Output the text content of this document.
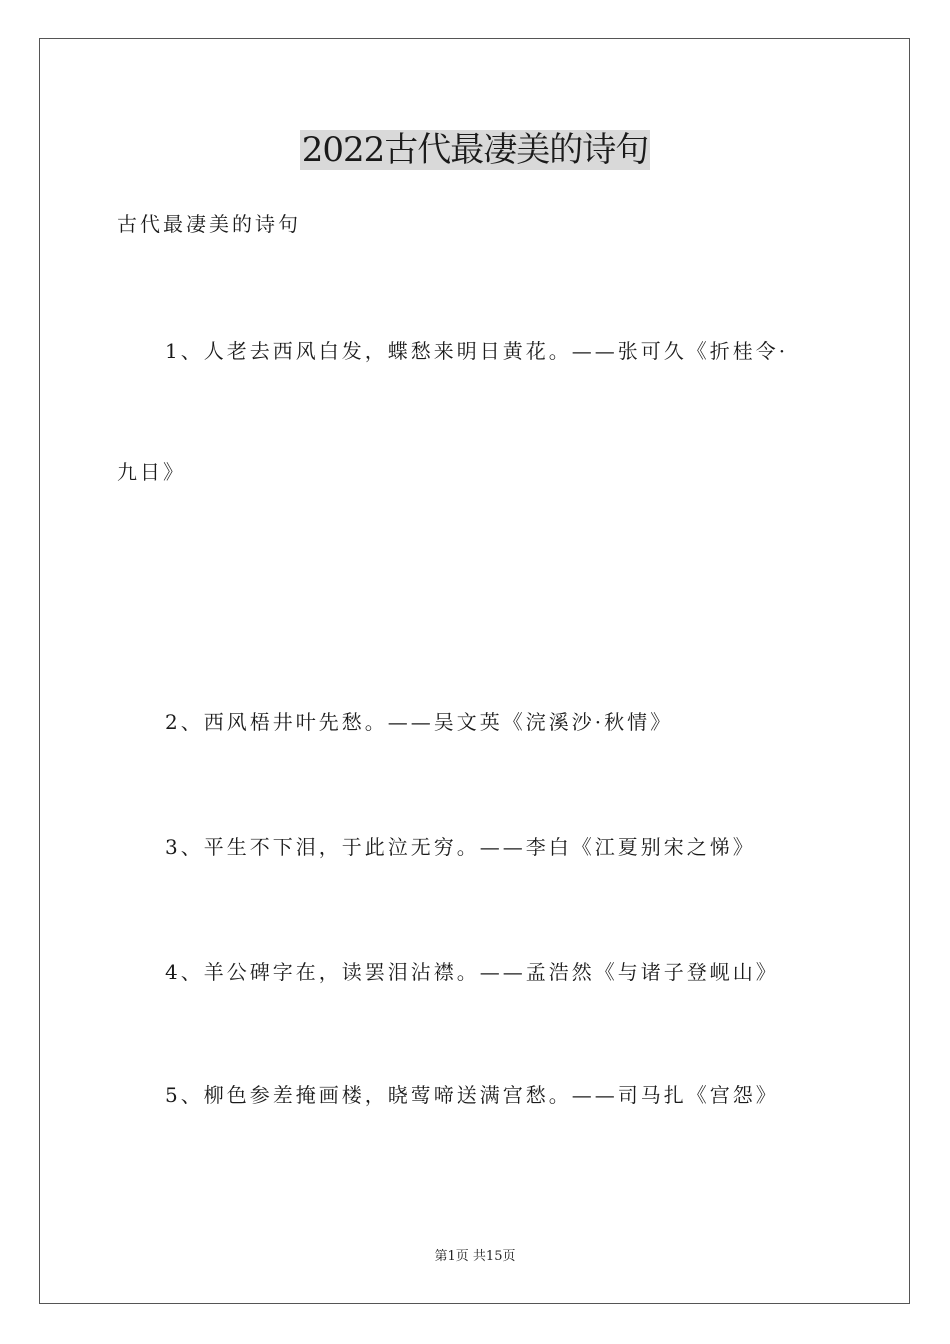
2022古代最凄美的诗句
古代最凄美的诗句
1、人老去西风白发，蝶愁来明日黄花。——张可久《折桂令·
九日》
2、西风梧井叶先愁。——吴文英《浣溪沙·秋情》
3、平生不下泪，于此泣无穷。——李白《江夏别宋之悌》
4、羊公碑字在，读罢泪沾襟。——孟浩然《与诸子登岘山》
5、柳色参差掩画楼，晓莺啼送满宫愁。——司马扎《宫怨》
第1页 共15页
